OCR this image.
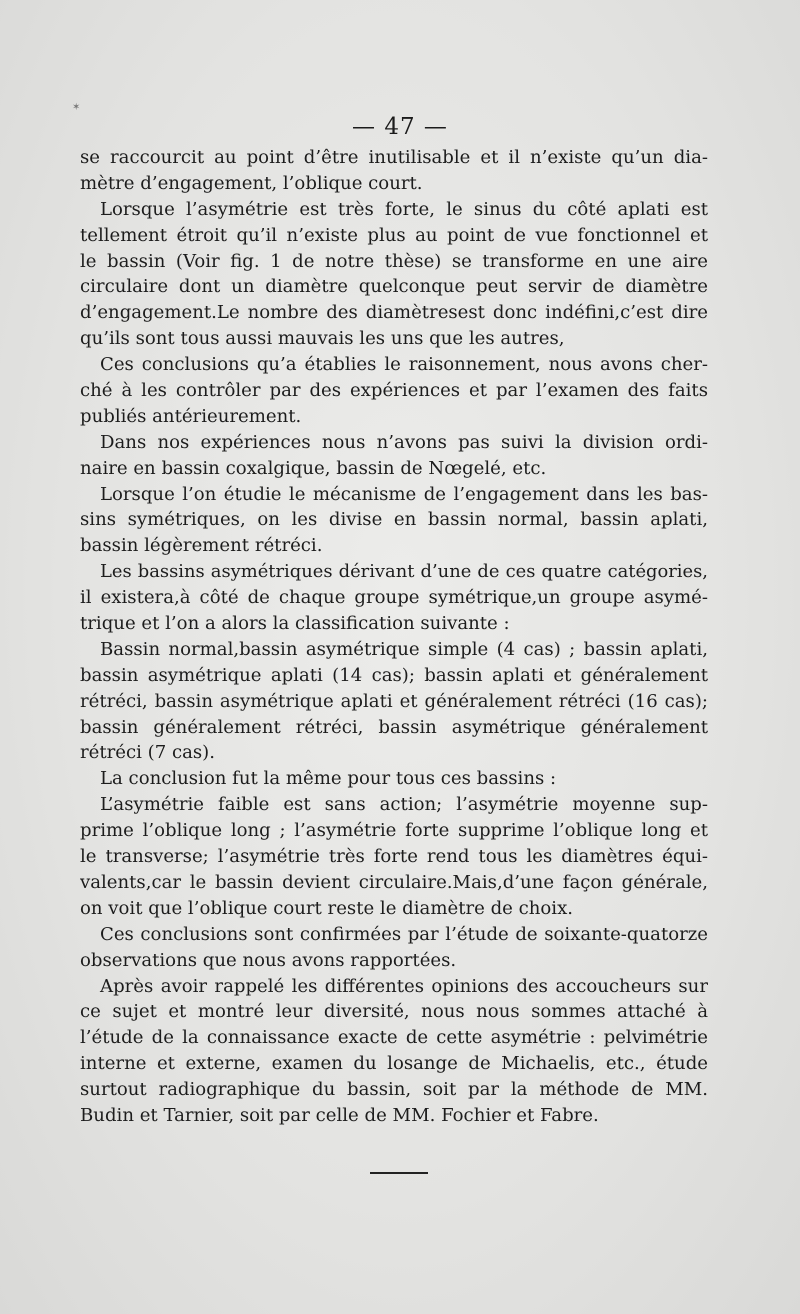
✶
— 47 —
se raccourcit au point d’être inutilisable et il n’existe qu’un dia-
mètre d’engagement, l’oblique court.
Lorsque l’asymétrie est très forte, le sinus du côté aplati est
tellement étroit qu’il n’existe plus au point de vue fonctionnel et
le bassin (Voir fig. 1 de notre thèse) se transforme en une aire
circulaire dont un diamètre quelconque peut servir de diamètre
d’engagement.Le nombre des diamètresest donc indéfini,c’est dire
qu’ils sont tous aussi mauvais les uns que les autres,
Ces conclusions qu’a établies le raisonnement, nous avons cher-
ché à les contrôler par des expériences et par l’examen des faits
publiés antérieurement.
Dans nos expériences nous n’avons pas suivi la division ordi-
naire en bassin coxalgique, bassin de Nœgelé, etc.
Lorsque l’on étudie le mécanisme de l’engagement dans les bas-
sins symétriques, on les divise en bassin normal, bassin aplati,
bassin légèrement rétréci.
Les bassins asymétriques dérivant d’une de ces quatre catégories,
il existera,à côté de chaque groupe symétrique,un groupe asymé-
trique et l’on a alors la classification suivante :
Bassin normal,bassin asymétrique simple (4 cas) ; bassin aplati,
bassin asymétrique aplati (14 cas); bassin aplati et généralement
rétréci, bassin asymétrique aplati et généralement rétréci (16 cas);
bassin généralement rétréci, bassin asymétrique généralement
rétréci (7 cas).
La conclusion fut la même pour tous ces bassins :
L’asymétrie faible est sans action; l’asymétrie moyenne sup-
prime l’oblique long ; l’asymétrie forte supprime l’oblique long et
le transverse; l’asymétrie très forte rend tous les diamètres équi-
valents,car le bassin devient circulaire.Mais,d’une façon générale,
on voit que l’oblique court reste le diamètre de choix.
Ces conclusions sont confirmées par l’étude de soixante-quatorze
observations que nous avons rapportées.
Après avoir rappelé les différentes opinions des accoucheurs sur
ce sujet et montré leur diversité, nous nous sommes attaché à
l’étude de la connaissance exacte de cette asymétrie : pelvimétrie
interne et externe, examen du losange de Michaelis, etc., étude
surtout radiographique du bassin, soit par la méthode de MM.
Budin et Tarnier, soit par celle de MM. Fochier et Fabre.
